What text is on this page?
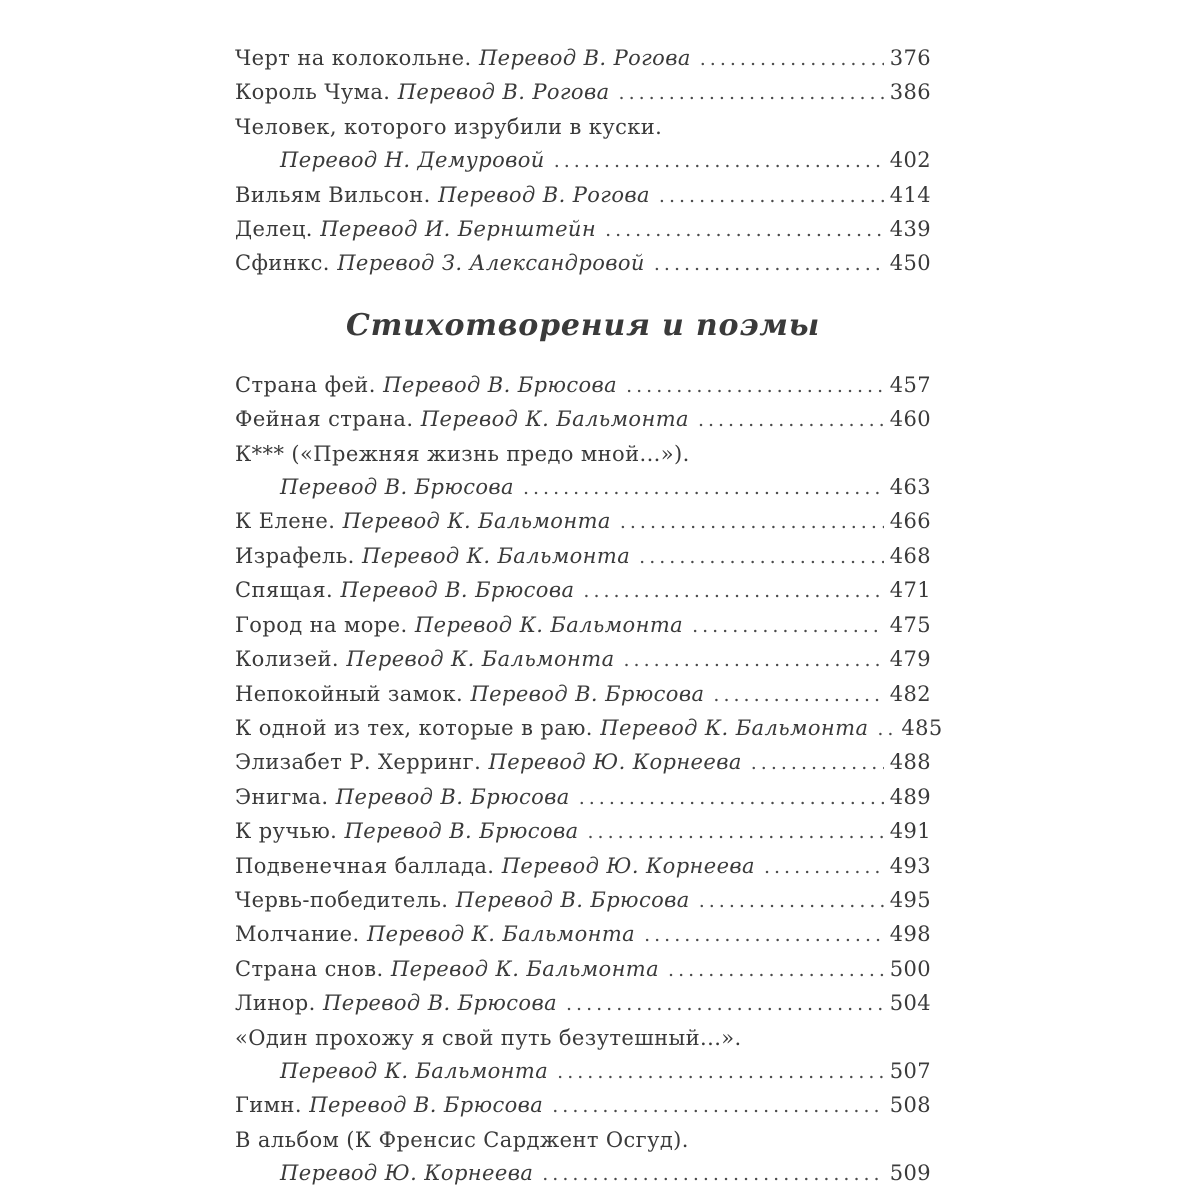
Черт на колокольне. Перевод В. Рогова .....	376
Король Чума. Перевод В. Рогова .....	386
Человек, которого изрубили в куски.
Перевод Н. Демуровой .....	402
Вильям Вильсон. Перевод В. Рогова .....	414
Делец. Перевод И. Бернштейн .....	439
Сфинкс. Перевод З. Александровой .....	450
Стихотворения и поэмы
Страна фей. Перевод В. Брюсова .....	457
Фейная страна. Перевод К. Бальмонта .....	460
К*** («Прежняя жизнь предо мной...»).
Перевод В. Брюсова .....	463
К Елене. Перевод К. Бальмонта .....	466
Израфель. Перевод К. Бальмонта .....	468
Спящая. Перевод В. Брюсова .....	471
Город на море. Перевод К. Бальмонта .....	475
Колизей. Перевод К. Бальмонта .....	479
Непокойный замок. Перевод В. Брюсова .....	482
К одной из тех, которые в раю. Перевод К. Бальмонта ..... 485
Элизабет Р. Херринг. Перевод Ю. Корнеева .....	488
Энигма. Перевод В. Брюсова .....	489
К ручью. Перевод В. Брюсова .....	491
Подвенечная баллада. Перевод Ю. Корнеева .....	493
Червь-победитель. Перевод В. Брюсова .....	495
Молчание. Перевод К. Бальмонта .....	498
Страна снов. Перевод К. Бальмонта .....	500
Линор. Перевод В. Брюсова .....	504
«Один прохожу я свой путь безутешный...».
Перевод К. Бальмонта .....	507
Гимн. Перевод В. Брюсова .....	508
В альбом (К Френсис Сарджент Осгуд).
Перевод Ю. Корнеева .....	509
